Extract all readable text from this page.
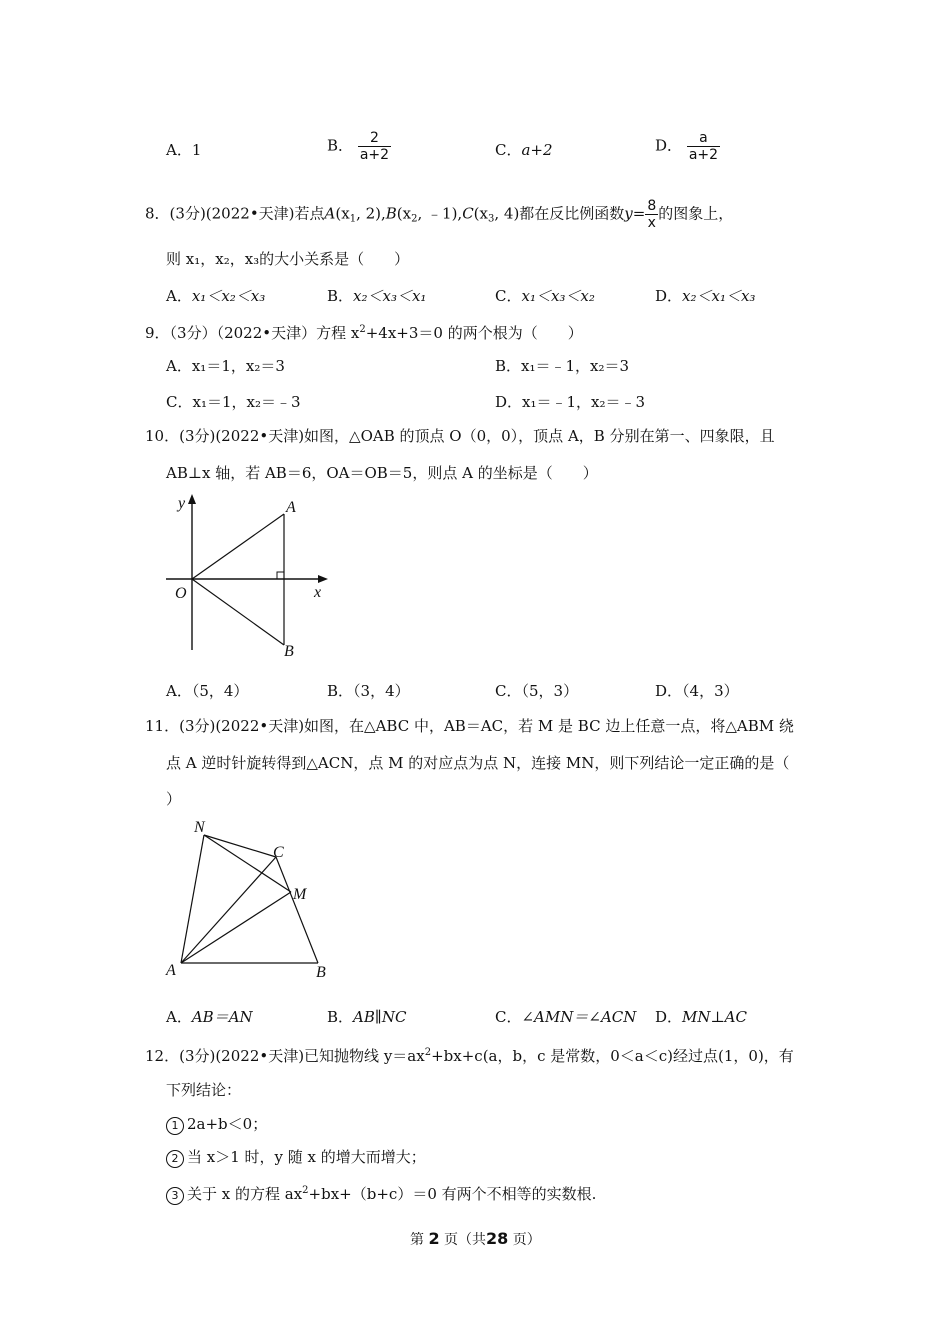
A．1	B． $\frac{2}{a+2}$	C．a+2	D． $\frac{a}{a+2}$
8．(3分)(2022•天津)若点$A(x_1$, $2),B(x_2$, $﹣1),C(x_3$, 4)都在反比例函数$y= \frac{8}{x}$ 的图象上，
则 x₁，x₂，x₃的大小关系是（　　）
A．x₁＜x₂＜x₃	B．x₂＜x₃＜x₁	C．x₁＜x₃＜x₂	D．x₂＜x₁＜x₃
9．（3分）（2022•天津）方程 $x^2+4x+3=0$ 的两个根为（　　）
A．x₁＝1，x₂＝3	B．x₁＝﹣1，x₂＝3
C．x₁＝1，x₂＝﹣3	D．x₁＝﹣1，x₂＝﹣3
10．(3分)(2022•天津)如图，△OAB 的顶点 O（0，0），顶点 A，B 分别在第一、四象限，且
AB⊥x 轴，若 AB＝6，OA＝OB＝5，则点 A 的坐标是（　　）
y
x
O
A
B
A．（5，4）	B．（3，4）	C．（5，3）	D．（4，3）
11．(3分)(2022•天津)如图，在△ABC 中，AB＝AC，若 M 是 BC 边上任意一点，将△ABM 绕
点 A 逆时针旋转得到△ACN，点 M 的对应点为点 N，连接 MN，则下列结论一定正确的是（
）
N
C
M
A	B
A．AB＝AN	B．AB∥NC	C．∠AMN＝∠ACN D．MN⊥AC
12．(3分)(2022•天津)已知抛物线 $y=ax^2+bx+c(a$，b，c 是常数，0＜a＜c)经过点(1，0)，有
下列结论：
1 2a+b＜0；
2 当 x＞1 时，y 随 x 的增大而增大；
3 关于 x 的方程 $ax^2+bx+(b+c)=0$ 有两个不相等的实数根.
第 2 页（共28 页）
